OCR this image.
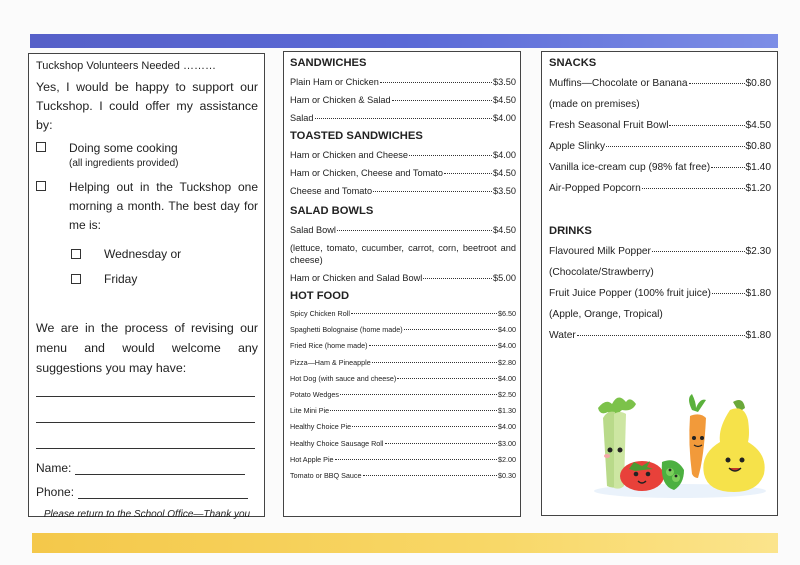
Tuckshop Volunteers Needed ………
Yes, I would be happy to support our Tuckshop. I could offer my assistance by:
Doing some cooking
(all ingredients provided)
Helping out in the Tuckshop one morning a month. The best day for me is:
Wednesday or
Friday
We are in the process of revising our menu and would welcome any suggestions you may have:
Name:
Phone:
Please return to the School Office—Thank you
SANDWICHES
Plain Ham or Chicken	$3.50
Ham or Chicken & Salad	$4.50
Salad	$4.00
TOASTED SANDWICHES
Ham or Chicken and Cheese	$4.00
Ham or Chicken, Cheese and Tomato	$4.50
Cheese and Tomato	$3.50
SALAD BOWLS
Salad Bowl	$4.50
(lettuce, tomato, cucumber, carrot, corn, beetroot and cheese)
Ham or Chicken and Salad Bowl	$5.00
HOT FOOD
Spicy Chicken Roll	$6.50
Spaghetti Bolognaise (home made)	$4.00
Fried Rice (home made)	$4.00
Pizza—Ham & Pineapple	$2.80
Hot Dog (with sauce and cheese)	$4.00
Potato Wedges	$2.50
Lite Mini Pie	$1.30
Healthy Choice Pie	$4.00
Healthy Choice Sausage Roll	$3.00
Hot Apple Pie	$2.00
Tomato or BBQ Sauce	$0.30
SNACKS
Muffins—Chocolate or Banana	$0.80
(made on premises)
Fresh Seasonal Fruit Bowl	$4.50
Apple Slinky	$0.80
Vanilla ice-cream cup (98% fat free)	$1.40
Air-Popped Popcorn	$1.20
DRINKS
Flavoured Milk Popper	$2.30
(Chocolate/Strawberry)
Fruit Juice Popper (100% fruit juice)	$1.80
(Apple, Orange, Tropical)
Water	$1.80
